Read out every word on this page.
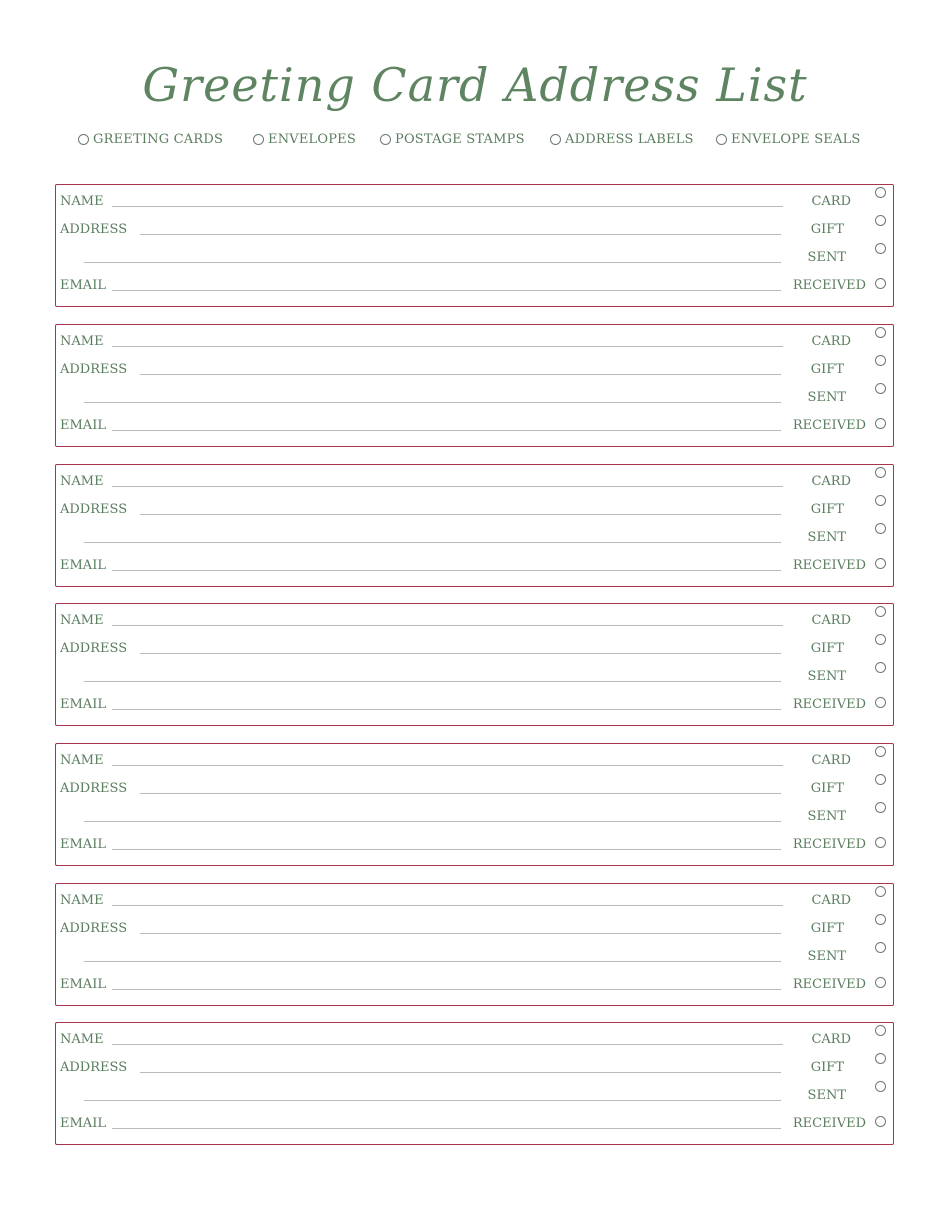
Greeting Card Address List
GREETING CARDS	ENVELOPES	POSTAGE STAMPS	ADDRESS LABELS	ENVELOPE SEALS
NAME	CARD
ADDRESS	GIFT
SENT
EMAIL	RECEIVED
NAME	CARD
ADDRESS	GIFT
SENT
EMAIL	RECEIVED
NAME	CARD
ADDRESS	GIFT
SENT
EMAIL	RECEIVED
NAME	CARD
ADDRESS	GIFT
SENT
EMAIL	RECEIVED
NAME	CARD
ADDRESS	GIFT
SENT
EMAIL	RECEIVED
NAME	CARD
ADDRESS	GIFT
SENT
EMAIL	RECEIVED
NAME	CARD
ADDRESS	GIFT
SENT
EMAIL	RECEIVED
